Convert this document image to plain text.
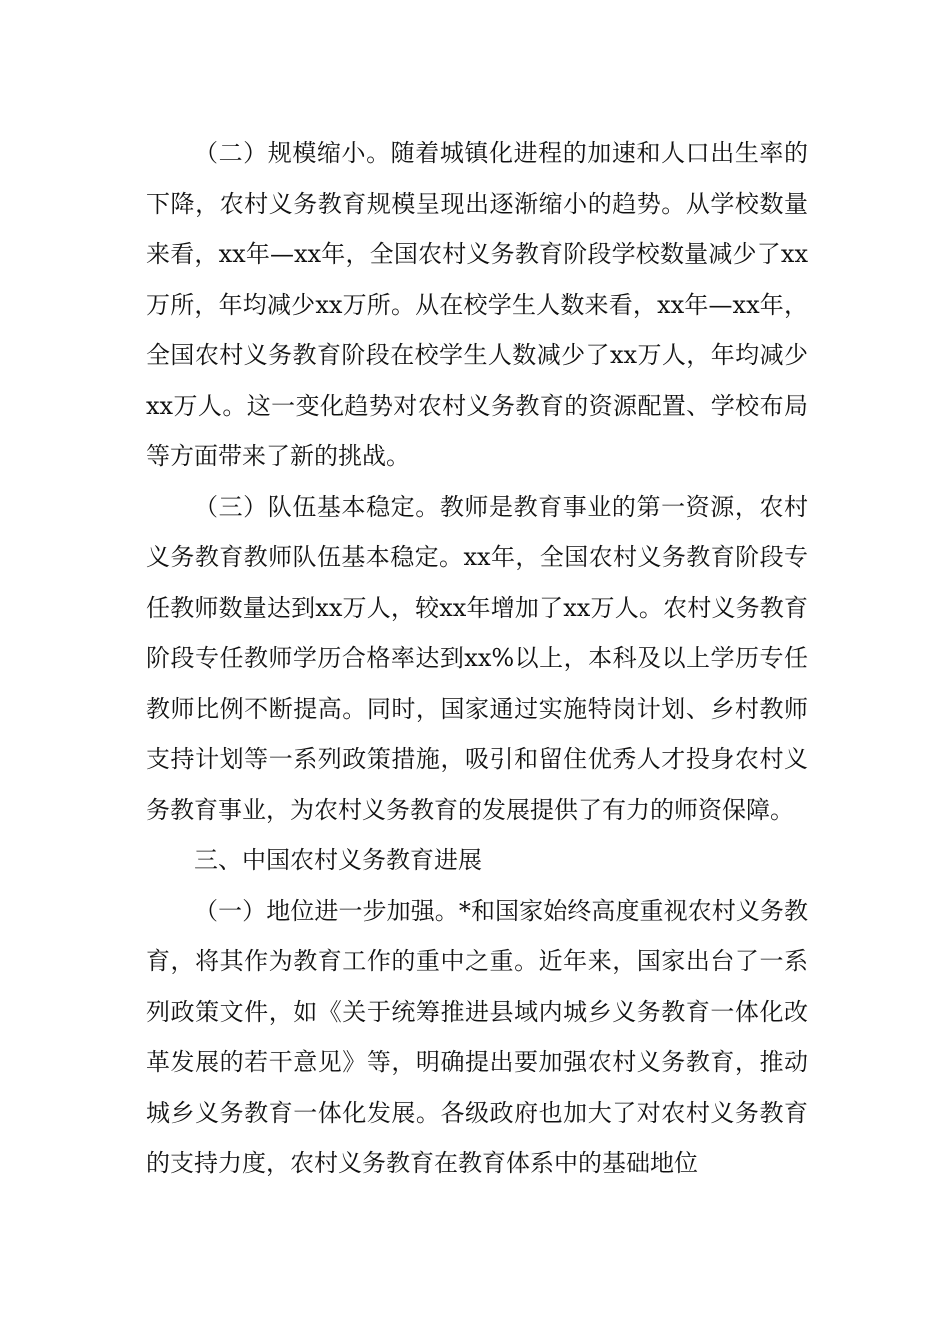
（二）规模缩小。随着城镇化进程的加速和人口出生率的下降，农村义务教育规模呈现出逐渐缩小的趋势。从学校数量来看，xx年—xx年，全国农村义务教育阶段学校数量减少了xx万所，年均减少xx万所。从在校学生人数来看，xx年—xx年，全国农村义务教育阶段在校学生人数减少了xx万人，年均减少xx万人。这一变化趋势对农村义务教育的资源配置、学校布局等方面带来了新的挑战。

（三）队伍基本稳定。教师是教育事业的第一资源，农村义务教育教师队伍基本稳定。xx年，全国农村义务教育阶段专任教师数量达到xx万人，较xx年增加了xx万人。农村义务教育阶段专任教师学历合格率达到xx%以上，本科及以上学历专任教师比例不断提高。同时，国家通过实施特岗计划、乡村教师支持计划等一系列政策措施，吸引和留住优秀人才投身农村义务教育事业，为农村义务教育的发展提供了有力的师资保障。

三、中国农村义务教育进展

（一）地位进一步加强。*和国家始终高度重视农村义务教育，将其作为教育工作的重中之重。近年来，国家出台了一系列政策文件，如《关于统筹推进县域内城乡义务教育一体化改革发展的若干意见》等，明确提出要加强农村义务教育，推动城乡义务教育一体化发展。各级政府也加大了对农村义务教育的支持力度，农村义务教育在教育体系中的基础地位
